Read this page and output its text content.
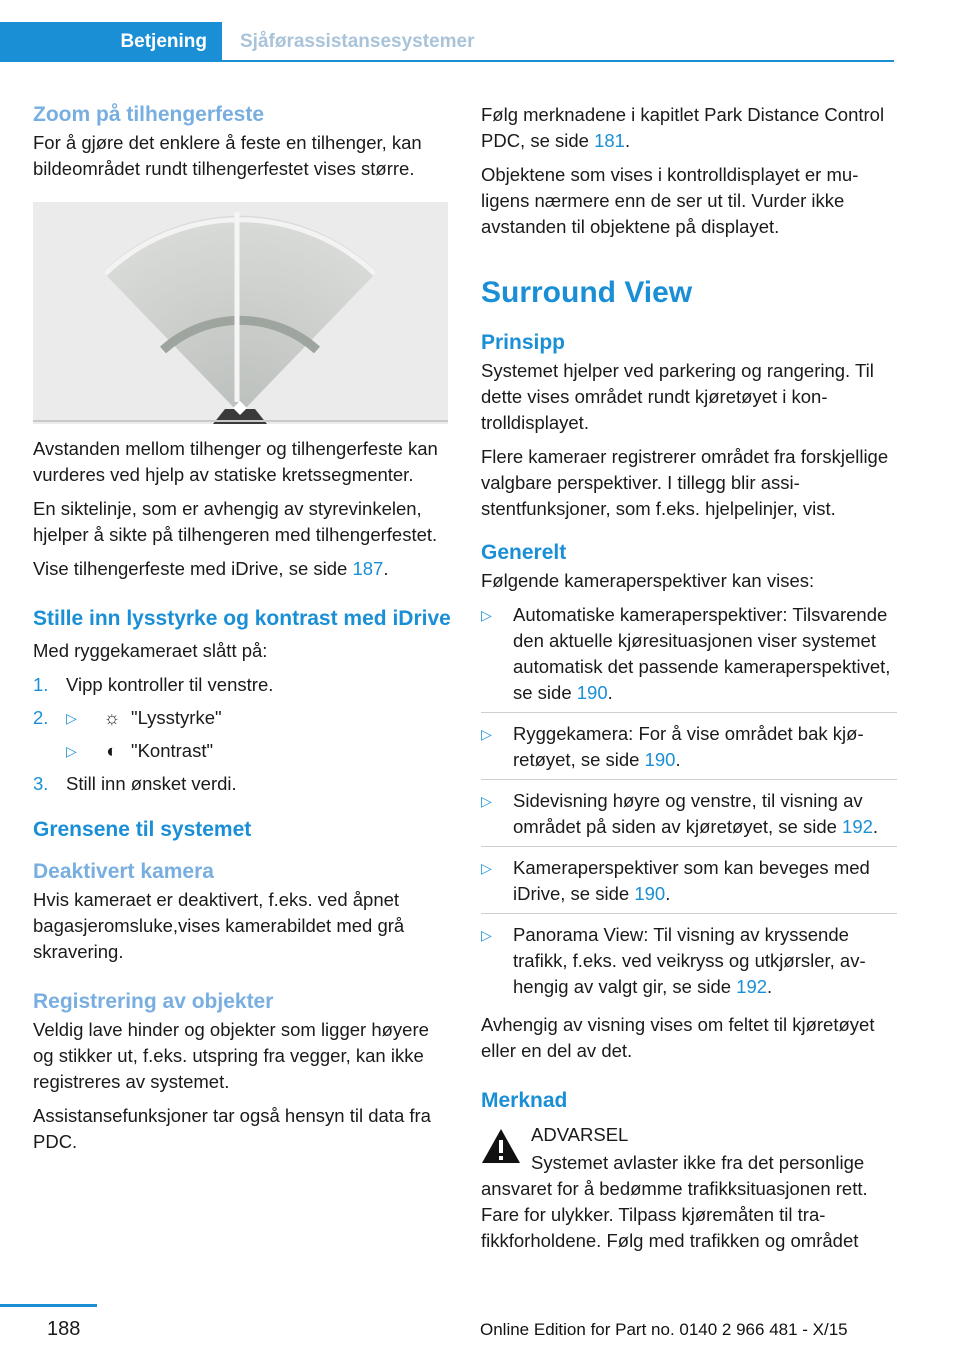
Betjening Sjåførassistansesystemer
Zoom på tilhengerfeste
For å gjøre det enklere å feste en tilhenger, kan bildeområdet rundt tilhengerfestet vises større.
Avstanden mellom tilhenger og tilhengerfeste kan vurderes ved hjelp av statiske kretssegmenter.
En siktelinje, som er avhengig av styrevinkelen, hjelper å sikte på tilhengeren med tilhengerfestet.
Vise tilhengerfeste med iDrive, se side 187.
Stille inn lysstyrke og kontrast med iDrive
Med ryggekameraet slått på:
1. Vipp kontroller til venstre.
2. ▷ ☼ "Lysstyrke"
▷ ◐ "Kontrast"
3. Still inn ønsket verdi.
Grensene til systemet
Deaktivert kamera
Hvis kameraet er deaktivert, f.eks. ved åpnet bagasjeromsluke,vises kamerabildet med grå skravering.
Registrering av objekter
Veldig lave hinder og objekter som ligger høyere og stikker ut, f.eks. utspring fra vegger, kan ikke registreres av systemet.
Assistansefunksjoner tar også hensyn til data fra PDC.
Følg merknadene i kapitlet Park Distance Control PDC, se side 181.
Objektene som vises i kontrolldisplayet er muligens nærmere enn de ser ut til. Vurder ikke avstanden til objektene på displayet.
Surround View
Prinsipp
Systemet hjelper ved parkering og rangering. Til dette vises området rundt kjøretøyet i kontrolldisplayet.
Flere kameraer registrerer området fra forskjellige valgbare perspektiver. I tillegg blir assistentfunksjoner, som f.eks. hjelpelinjer, vist.
Generelt
Følgende kameraperspektiver kan vises:
▷ Automatiske kameraperspektiver: Tilsvarende den aktuelle kjøresituasjonen viser systemet automatisk det passende kameraperspektivet, se side 190.
▷ Ryggekamera: For å vise området bak kjøretøyet, se side 190.
▷ Sidevisning høyre og venstre, til visning av området på siden av kjøretøyet, se side 192.
▷ Kameraperspektiver som kan beveges med iDrive, se side 190.
▷ Panorama View: Til visning av kryssende trafikk, f.eks. ved veikryss og utkjørsler, avhengig av valgt gir, se side 192.
Avhengig av visning vises om feltet til kjøretøyet eller en del av det.
Merknad
ADVARSEL
Systemet avlaster ikke fra det personlige ansvaret for å bedømme trafikksituasjonen rett. Fare for ulykker. Tilpass kjøremåten til trafikkforholdene. Følg med trafikken og området
188	Online Edition for Part no. 0140 2 966 481 - X/15
